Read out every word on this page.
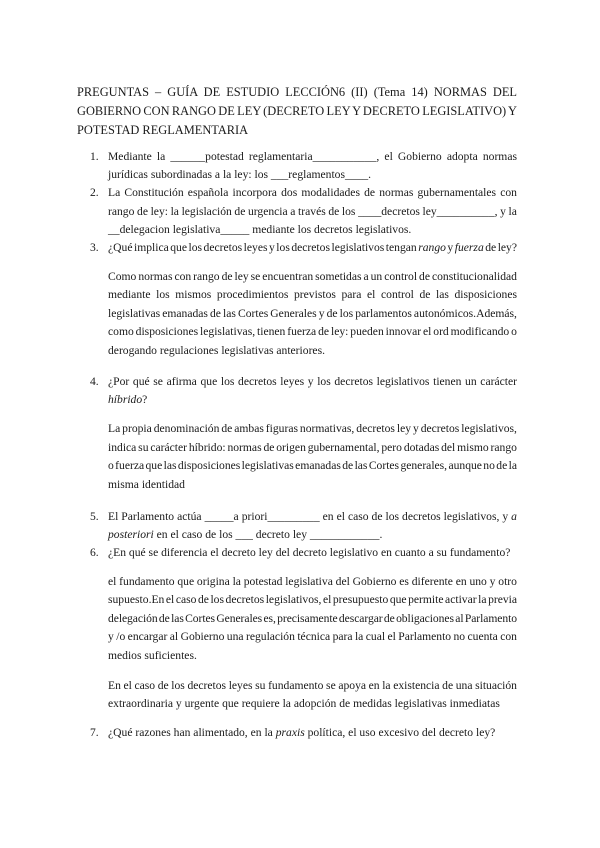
PREGUNTAS – GUÍA DE ESTUDIO LECCIÓN6 (II) (Tema 14) NORMAS DEL
GOBIERNO CON RANGO DE LEY (DECRETO LEY Y DECRETO LEGISLATIVO) Y
POTESTAD REGLAMENTARIA
Mediante la ______potestad reglamentaria___________, el Gobierno adopta normas
1.
jurídicas subordinadas a la ley: los ___reglamentos____.
La Constitución española incorpora dos modalidades de normas gubernamentales con
2.
rango de ley: la legislación de urgencia a través de los ____decretos ley__________, y la
__delegacion legislativa_____ mediante los decretos legislativos.
¿Qué implica que los decretos leyes y los decretos legislativos tengan rango y fuerza de ley?
3.
Como normas con rango de ley se encuentran sometidas a un control de constitucionalidad
mediante los mismos procedimientos previstos para el control de las disposiciones
legislativas emanadas de las Cortes Generales y de los parlamentos autonómicos.Además,
como disposiciones legislativas, tienen fuerza de ley: pueden innovar el ord modificando o
derogando regulaciones legislativas anteriores.
¿Por qué se afirma que los decretos leyes y los decretos legislativos tienen un carácter
4.
híbrido?
La propia denominación de ambas figuras normativas, decretos ley y decretos legislativos,
indica su carácter híbrido: normas de origen gubernamental, pero dotadas del mismo rango
o fuerza que las disposiciones legislativas emanadas de las Cortes generales, aunque no de la
misma identidad
El Parlamento actúa _____a priori_________ en el caso de los decretos legislativos, y a
5.
posteriori en el caso de los ___ decreto ley ____________.
¿En qué se diferencia el decreto ley del decreto legislativo en cuanto a su fundamento?
6.
el fundamento que origina la potestad legislativa del Gobierno es diferente en uno y otro
supuesto.En el caso de los decretos legislativos, el presupuesto que permite activar la previa
delegación de las Cortes Generales es, precisamente descargar de obligaciones al Parlamento
y /o encargar al Gobierno una regulación técnica para la cual el Parlamento no cuenta con
medios suficientes.
En el caso de los decretos leyes su fundamento se apoya en la existencia de una situación
extraordinaria y urgente que requiere la adopción de medidas legislativas inmediatas
¿Qué razones han alimentado, en la praxis política, el uso excesivo del decreto ley?
7.
